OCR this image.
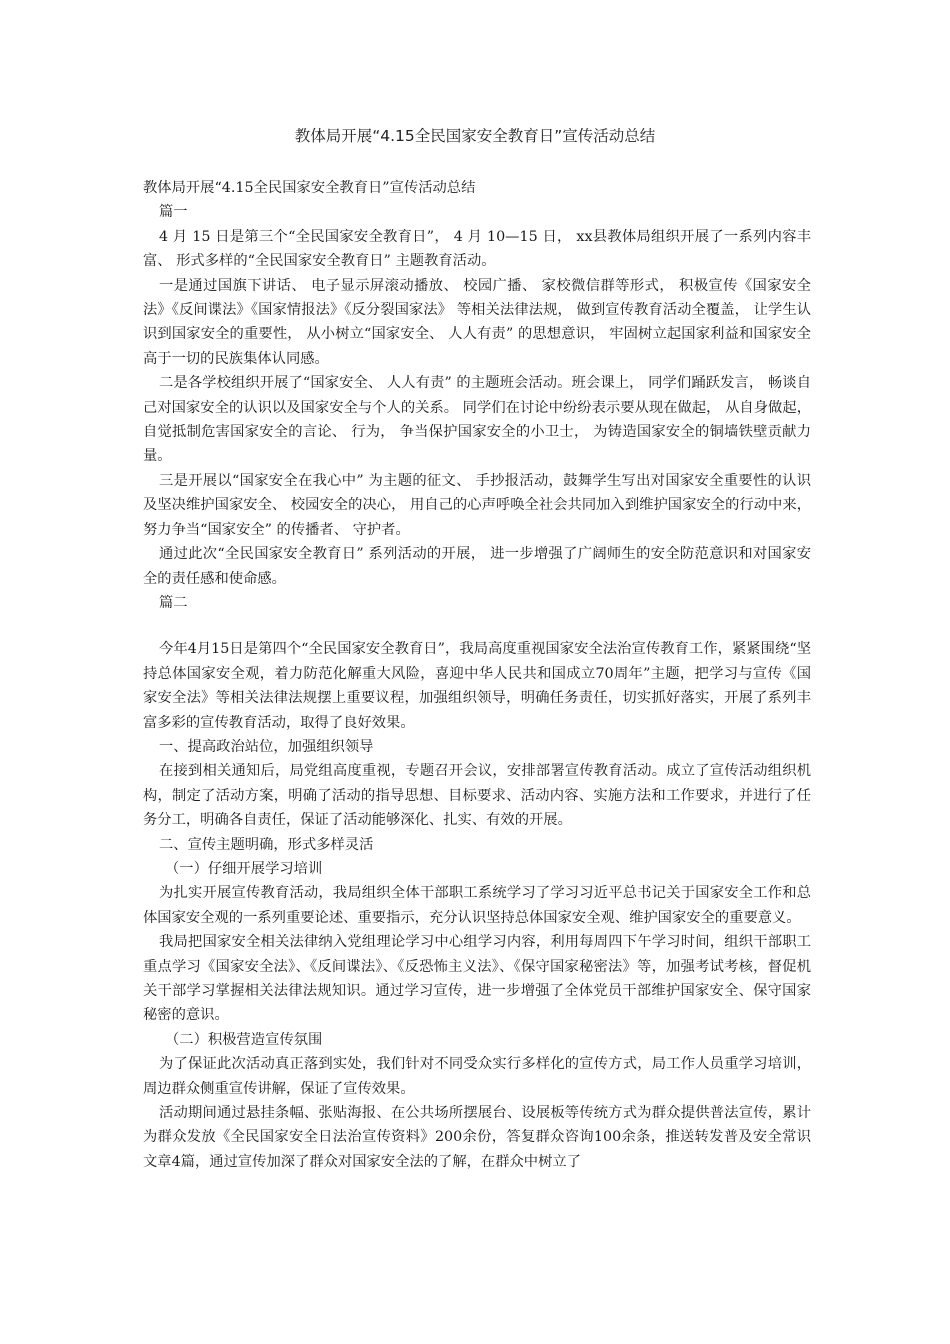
教体局开展“4.15全民国家安全教育日”宣传活动总结

教体局开展“4.15全民国家安全教育日”宣传活动总结

篇一

4 月 15 日是第三个“全民国家安全教育日”， 4 月 10—15 日， xx县教体局组织开展了一系列内容丰富、 形式多样的“全民国家安全教育日” 主题教育活动。

一是通过国旗下讲话、 电子显示屏滚动播放、 校园广播、 家校微信群等形式， 积极宣传《国家安全法》《反间谍法》《国家情报法》《反分裂国家法》 等相关法律法规， 做到宣传教育活动全覆盖， 让学生认识到国家安全的重要性， 从小树立“国家安全、 人人有责” 的思想意识， 牢固树立起国家利益和国家安全高于一切的民族集体认同感。

二是各学校组织开展了“国家安全、 人人有责” 的主题班会活动。班会课上， 同学们踊跃发言， 畅谈自己对国家安全的认识以及国家安全与个人的关系。 同学们在讨论中纷纷表示要从现在做起， 从自身做起， 自觉抵制危害国家安全的言论、 行为， 争当保护国家安全的小卫士， 为铸造国家安全的铜墙铁壁贡献力量。

三是开展以“国家安全在我心中” 为主题的征文、 手抄报活动，鼓舞学生写出对国家安全重要性的认识及坚决维护国家安全、 校园安全的决心， 用自己的心声呼唤全社会共同加入到维护国家安全的行动中来， 努力争当“国家安全” 的传播者、 守护者。

通过此次“全民国家安全教育日” 系列活动的开展， 进一步增强了广阔师生的安全防范意识和对国家安全的责任感和使命感。

篇二

今年4月15日是第四个“全民国家安全教育日”，我局高度重视国家安全法治宣传教育工作，紧紧围绕“坚持总体国家安全观，着力防范化解重大风险，喜迎中华人民共和国成立70周年”主题，把学习与宣传《国家安全法》等相关法律法规摆上重要议程，加强组织领导，明确任务责任，切实抓好落实，开展了系列丰富多彩的宣传教育活动，取得了良好效果。

一、提高政治站位，加强组织领导

在接到相关通知后，局党组高度重视，专题召开会议，安排部署宣传教育活动。成立了宣传活动组织机构，制定了活动方案，明确了活动的指导思想、目标要求、活动内容、实施方法和工作要求，并进行了任务分工，明确各自责任，保证了活动能够深化、扎实、有效的开展。

二、宣传主题明确，形式多样灵活

（一）仔细开展学习培训

为扎实开展宣传教育活动，我局组织全体干部职工系统学习了学习习近平总书记关于国家安全工作和总体国家安全观的一系列重要论述、重要指示，充分认识坚持总体国家安全观、维护国家安全的重要意义。

我局把国家安全相关法律纳入党组理论学习中心组学习内容，利用每周四下午学习时间，组织干部职工重点学习《国家安全法》、《反间谍法》、《反恐怖主义法》、《保守国家秘密法》等，加强考试考核，督促机关干部学习掌握相关法律法规知识。通过学习宣传，进一步增强了全体党员干部维护国家安全、保守国家秘密的意识。

（二）积极营造宣传氛围

为了保证此次活动真正落到实处，我们针对不同受众实行多样化的宣传方式，局工作人员重学习培训，周边群众侧重宣传讲解，保证了宣传效果。

活动期间通过悬挂条幅、张贴海报、在公共场所摆展台、设展板等传统方式为群众提供普法宣传，累计为群众发放《全民国家安全日法治宣传资料》200余份，答复群众咨询100余条，推送转发普及安全常识文章4篇，通过宣传加深了群众对国家安全法的了解，在群众中树立了
